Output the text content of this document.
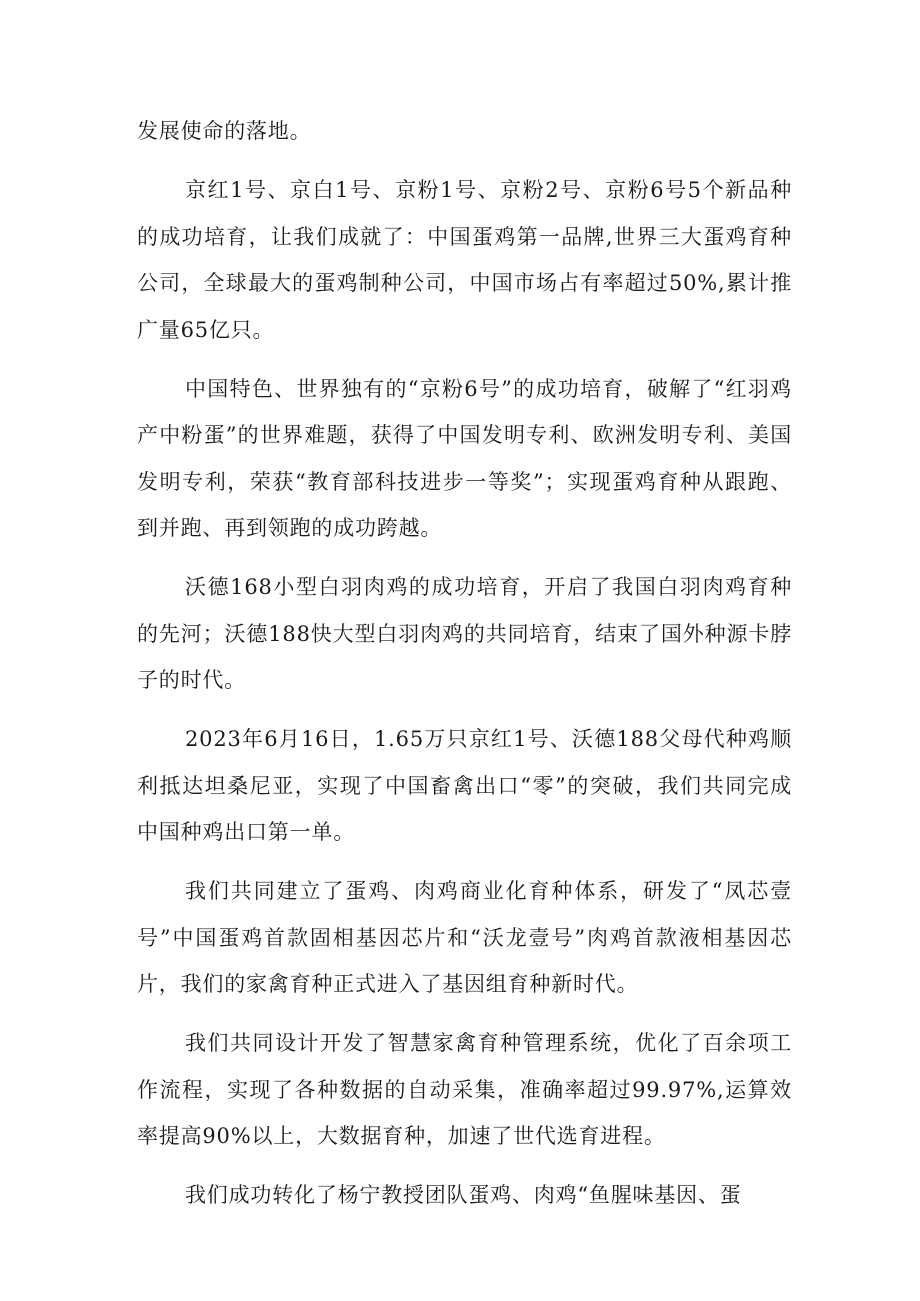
发展使命的落地。

京红1号、京白1号、京粉1号、京粉2号、京粉6号5个新品种的成功培育，让我们成就了：中国蛋鸡第一品牌,世界三大蛋鸡育种公司，全球最大的蛋鸡制种公司，中国市场占有率超过50%,累计推广量65亿只。

中国特色、世界独有的“京粉6号”的成功培育，破解了“红羽鸡产中粉蛋”的世界难题，获得了中国发明专利、欧洲发明专利、美国发明专利，荣获“教育部科技进步一等奖”；实现蛋鸡育种从跟跑、到并跑、再到领跑的成功跨越。

沃德168小型白羽肉鸡的成功培育，开启了我国白羽肉鸡育种的先河；沃德188快大型白羽肉鸡的共同培育，结束了国外种源卡脖子的时代。

2023年6月16日，1.65万只京红1号、沃德188父母代种鸡顺利抵达坦桑尼亚，实现了中国畜禽出口“零”的突破，我们共同完成中国种鸡出口第一单。

我们共同建立了蛋鸡、肉鸡商业化育种体系，研发了“凤芯壹号”中国蛋鸡首款固相基因芯片和“沃龙壹号”肉鸡首款液相基因芯片，我们的家禽育种正式进入了基因组育种新时代。

我们共同设计开发了智慧家禽育种管理系统，优化了百余项工作流程，实现了各种数据的自动采集，准确率超过99.97%,运算效率提高90%以上，大数据育种，加速了世代选育进程。

我们成功转化了杨宁教授团队蛋鸡、肉鸡“鱼腥味基因、蛋
